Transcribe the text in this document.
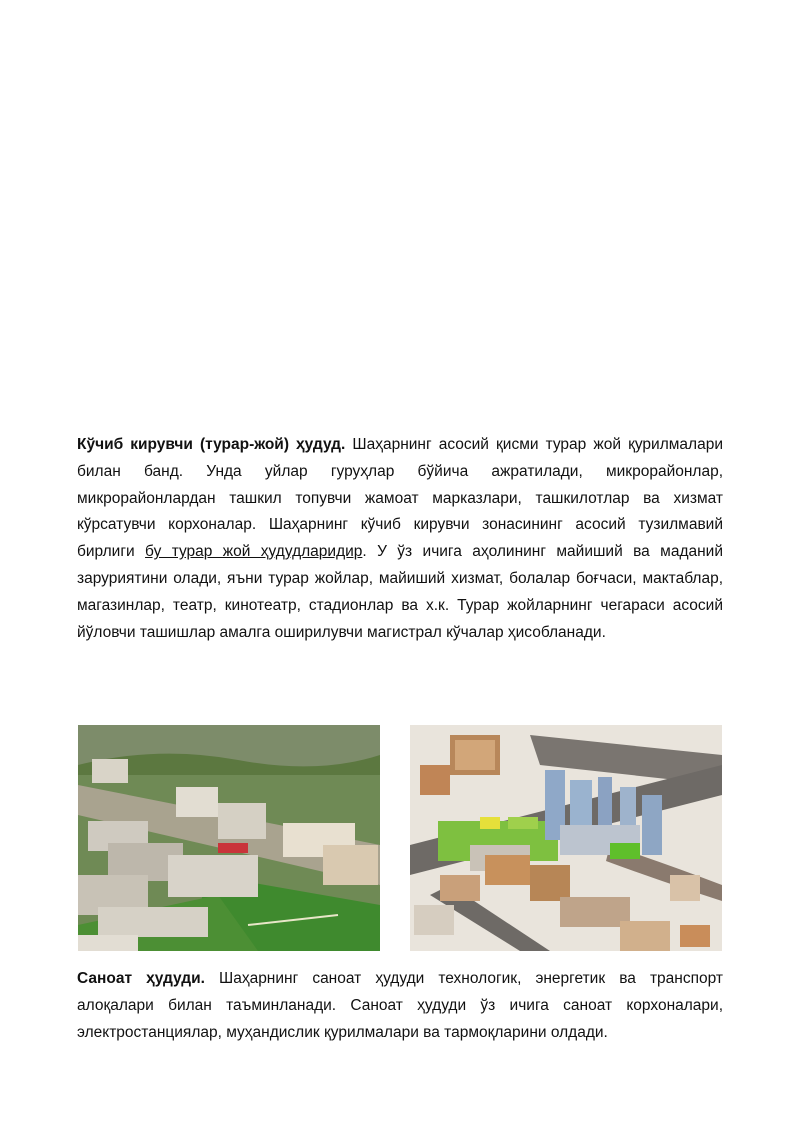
Кўчиб кирувчи (турар-жой) ҳудуд. Шаҳарнинг асосий қисми турар жой қурилмалари билан банд. Унда уйлар гуруҳлар бўйича ажратилади, микрорайонлар, микрорайонлардан ташкил топувчи жамоат марказлари, ташкилотлар ва хизмат кўрсатувчи корхоналар. Шаҳарнинг кўчиб кирувчи зонасининг асосий тузилмавий бирлиги бу турар жой ҳудудларидир. У ўз ичига аҳолининг майиший ва маданий заруриятини олади, яъни турар жойлар, майиший хизмат, болалар боғчаси, мактаблар, магазинлар, театр, кинотеатр, стадионлар ва х.к. Турар жойларнинг чегараси асосий йўловчи ташишлар амалга оширилувчи магистрал кўчалар ҳисобланади.

Саноат ҳудуди. Шаҳарнинг саноат ҳудуди технологик, энергетик ва транспорт алоқалари билан таъминланади. Саноат ҳудуди ўз ичига саноат корхоналари, электростанциялар, муҳандислик қурилмалари ва тармоқларини олдади.
